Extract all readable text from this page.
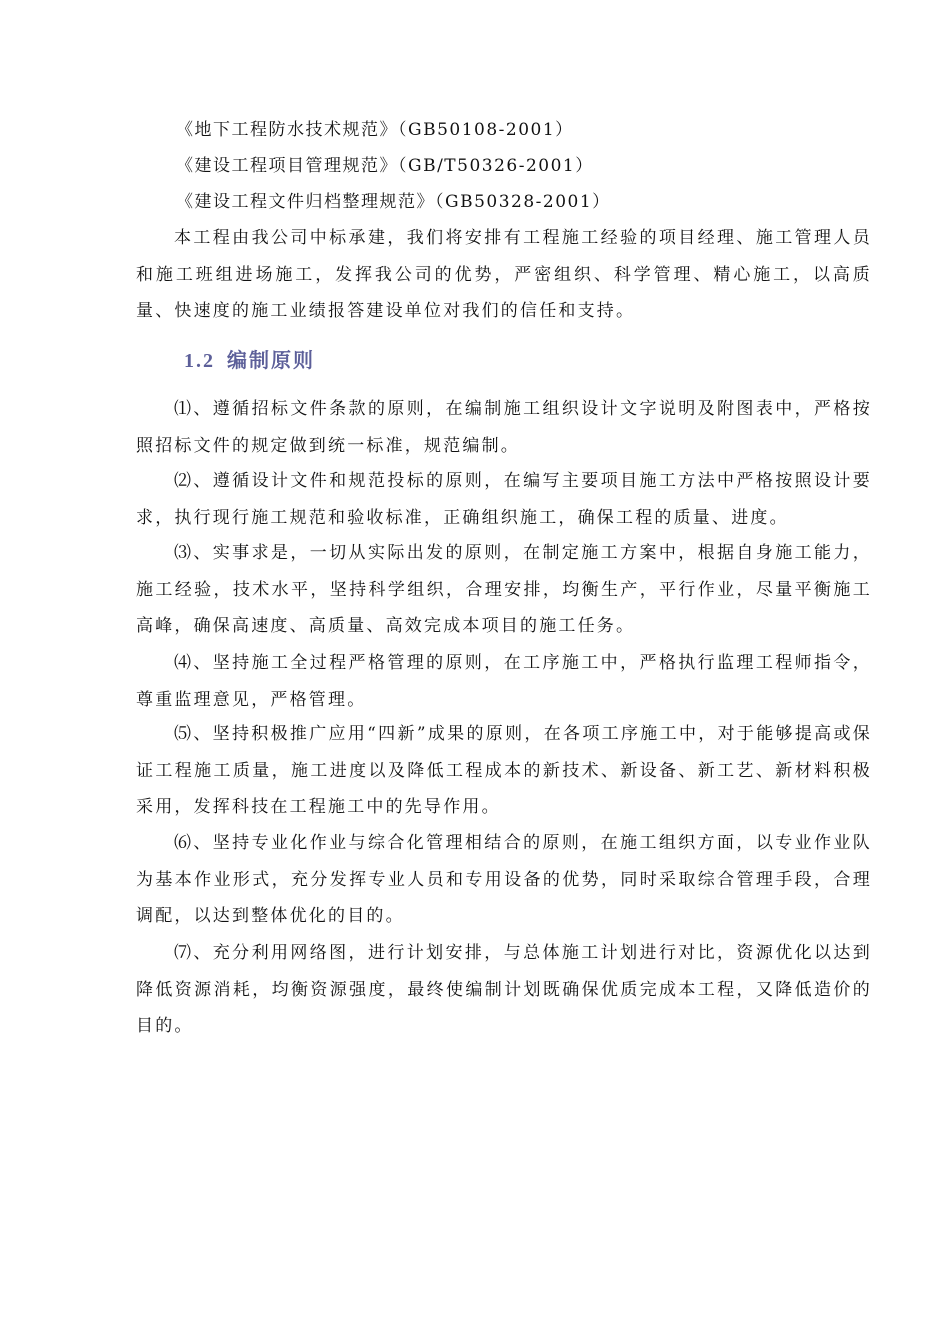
《地下工程防水技术规范》（GB50108-2001）
《建设工程项目管理规范》（GB/T50326-2001）
《建设工程文件归档整理规范》（GB50328-2001）
本工程由我公司中标承建，我们将安排有工程施工经验的项目经理、施工管理人员和施工班组进场施工，发挥我公司的优势，严密组织、科学管理、精心施工，以高质量、快速度的施工业绩报答建设单位对我们的信任和支持。
1.2 编制原则
⑴、遵循招标文件条款的原则，在编制施工组织设计文字说明及附图表中，严格按照招标文件的规定做到统一标准，规范编制。
⑵、遵循设计文件和规范投标的原则，在编写主要项目施工方法中严格按照设计要求，执行现行施工规范和验收标准，正确组织施工，确保工程的质量、进度。
⑶、实事求是，一切从实际出发的原则，在制定施工方案中，根据自身施工能力，施工经验，技术水平，坚持科学组织，合理安排，均衡生产，平行作业，尽量平衡施工高峰，确保高速度、高质量、高效完成本项目的施工任务。
⑷、坚持施工全过程严格管理的原则，在工序施工中，严格执行监理工程师指令，尊重监理意见，严格管理。
⑸、坚持积极推广应用“四新”成果的原则，在各项工序施工中，对于能够提高或保证工程施工质量，施工进度以及降低工程成本的新技术、新设备、新工艺、新材料积极采用，发挥科技在工程施工中的先导作用。
⑹、坚持专业化作业与综合化管理相结合的原则，在施工组织方面，以专业作业队为基本作业形式，充分发挥专业人员和专用设备的优势，同时采取综合管理手段，合理调配，以达到整体优化的目的。
⑺、充分利用网络图，进行计划安排，与总体施工计划进行对比，资源优化以达到降低资源消耗，均衡资源强度，最终使编制计划既确保优质完成本工程，又降低造价的目的。
